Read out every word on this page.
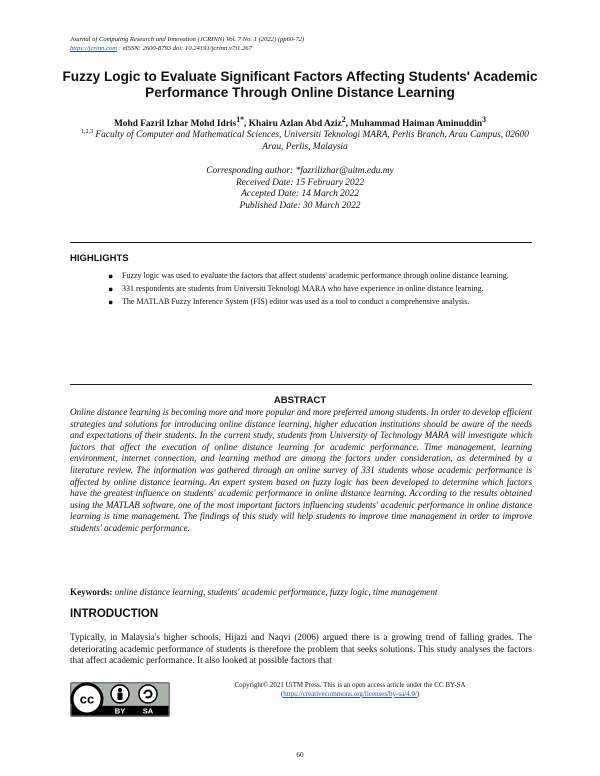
Journal of Computing Research and Innovation (JCRINN) Vol. 7 No. 1 (2022) (pp60-72)
https://jcrinn.com : eISSN: 2600-8793 doi: 10.24191/jcrinn.v7i1.267
Fuzzy Logic to Evaluate Significant Factors Affecting Students' Academic Performance Through Online Distance Learning
Mohd Fazril Izhar Mohd Idris$^{1*}$, Khairu Azlan Abd Aziz$^2$, Muhammad Haiman Aminuddin$^3$
$^{1,2,3}$ Faculty of Computer and Mathematical Sciences, Universiti Teknologi MARA, Perlis Branch, Arau Campus, 02600 Arau, Perlis, Malaysia
Corresponding author: *fazrilizhar@uitm.edu.my
Received Date: 15 February 2022
Accepted Date: 14 March 2022
Published Date: 30 March 2022
HIGHLIGHTS
● Fuzzy logic was used to evaluate the factors that affect students' academic performance through online distance learning.
● 331 respondents are students from Universiti Teknologi MARA who have experience in online distance learning.
● The MATLAB Fuzzy Inference System (FIS) editor was used as a tool to conduct a comprehensive analysis.
ABSTRACT
Online distance learning is becoming more and more popular and more preferred among students. In order to develop efficient strategies and solutions for introducing online distance learning, higher education institutions should be aware of the needs and expectations of their students. In the current study, students from University of Technology MARA will investigate which factors that affect the execution of online distance learning for academic performance. Time management, learning environment, internet connection, and learning method are among the factors under consideration, as determined by a literature review. The information was gathered through an online survey of 331 students whose academic performance is affected by online distance learning. An expert system based on fuzzy logic has been developed to determine which factors have the greatest influence on students' academic performance in online distance learning. According to the results obtained using the MATLAB software, one of the most important factors influencing students' academic performance in online distance learning is time management. The findings of this study will help students to improve time management in order to improve students' academic performance.
Keywords: online distance learning, students' academic performance, fuzzy logic, time management
INTRODUCTION
Typically, in Malaysia's higher schools, Hijazi and Naqvi (2006) argued there is a growing trend of falling grades. The deteriorating academic performance of students is therefore the problem that seeks solutions. This study analyses the factors that affect academic performance. It also looked at possible factors that
cc
BY SA
Copyright© 2021 UiTM Press. This is an open access article under the CC BY-SA
(https://creativecommons.org/licenses/by-sa/4.0/)
60
